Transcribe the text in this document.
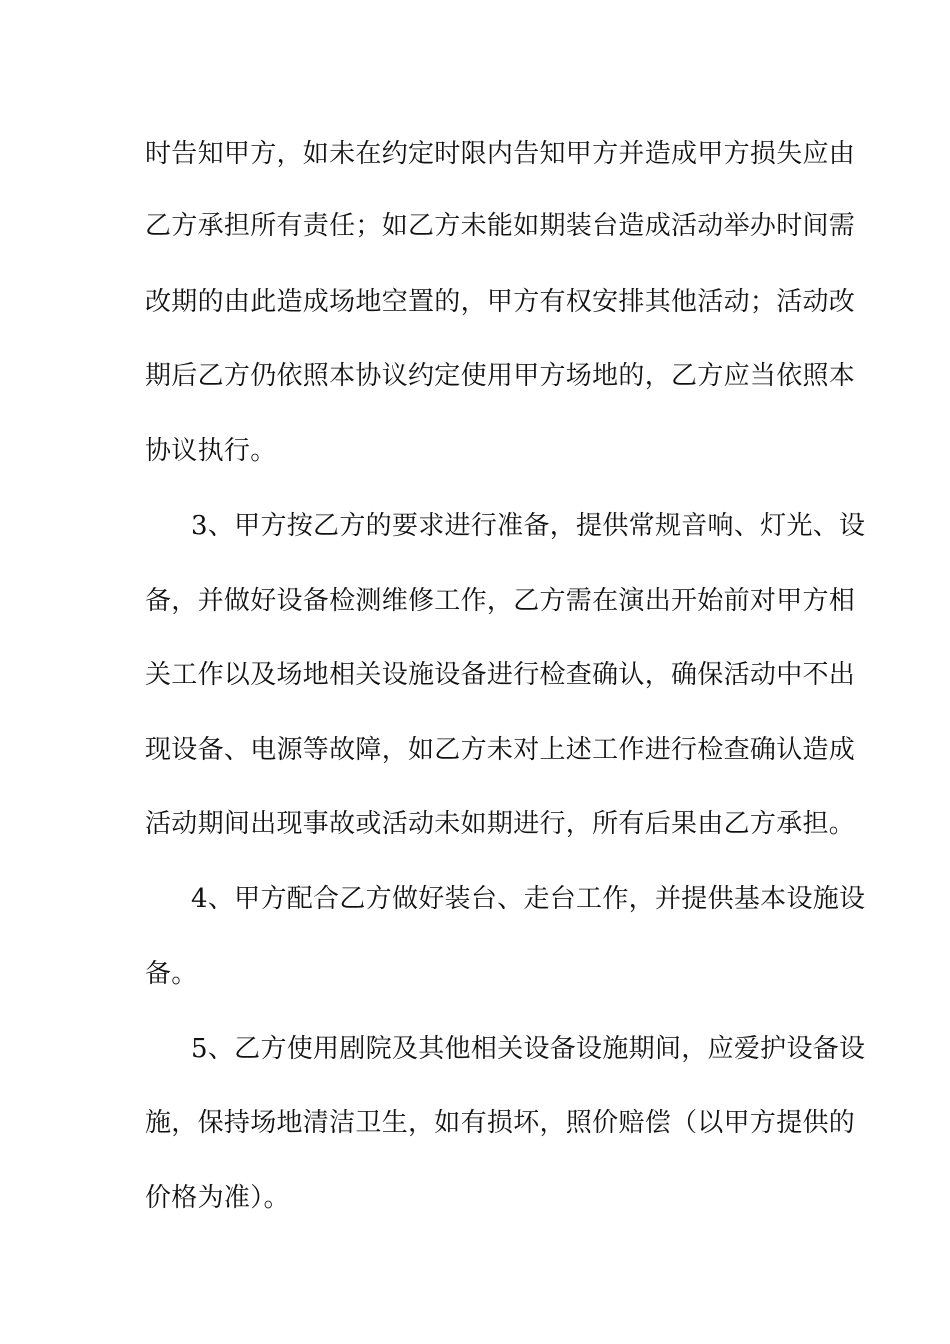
时告知甲方，如未在约定时限内告知甲方并造成甲方损失应由
乙方承担所有责任；如乙方未能如期装台造成活动举办时间需
改期的由此造成场地空置的，甲方有权安排其他活动；活动改
期后乙方仍依照本协议约定使用甲方场地的，乙方应当依照本
协议执行。
3、甲方按乙方的要求进行准备，提供常规音响、灯光、设
备，并做好设备检测维修工作，乙方需在演出开始前对甲方相
关工作以及场地相关设施设备进行检查确认，确保活动中不出
现设备、电源等故障，如乙方未对上述工作进行检查确认造成
活动期间出现事故或活动未如期进行，所有后果由乙方承担。
4、甲方配合乙方做好装台、走台工作，并提供基本设施设
备。
5、乙方使用剧院及其他相关设备设施期间，应爱护设备设
施，保持场地清洁卫生，如有损坏，照价赔偿（以甲方提供的
价格为准）。
